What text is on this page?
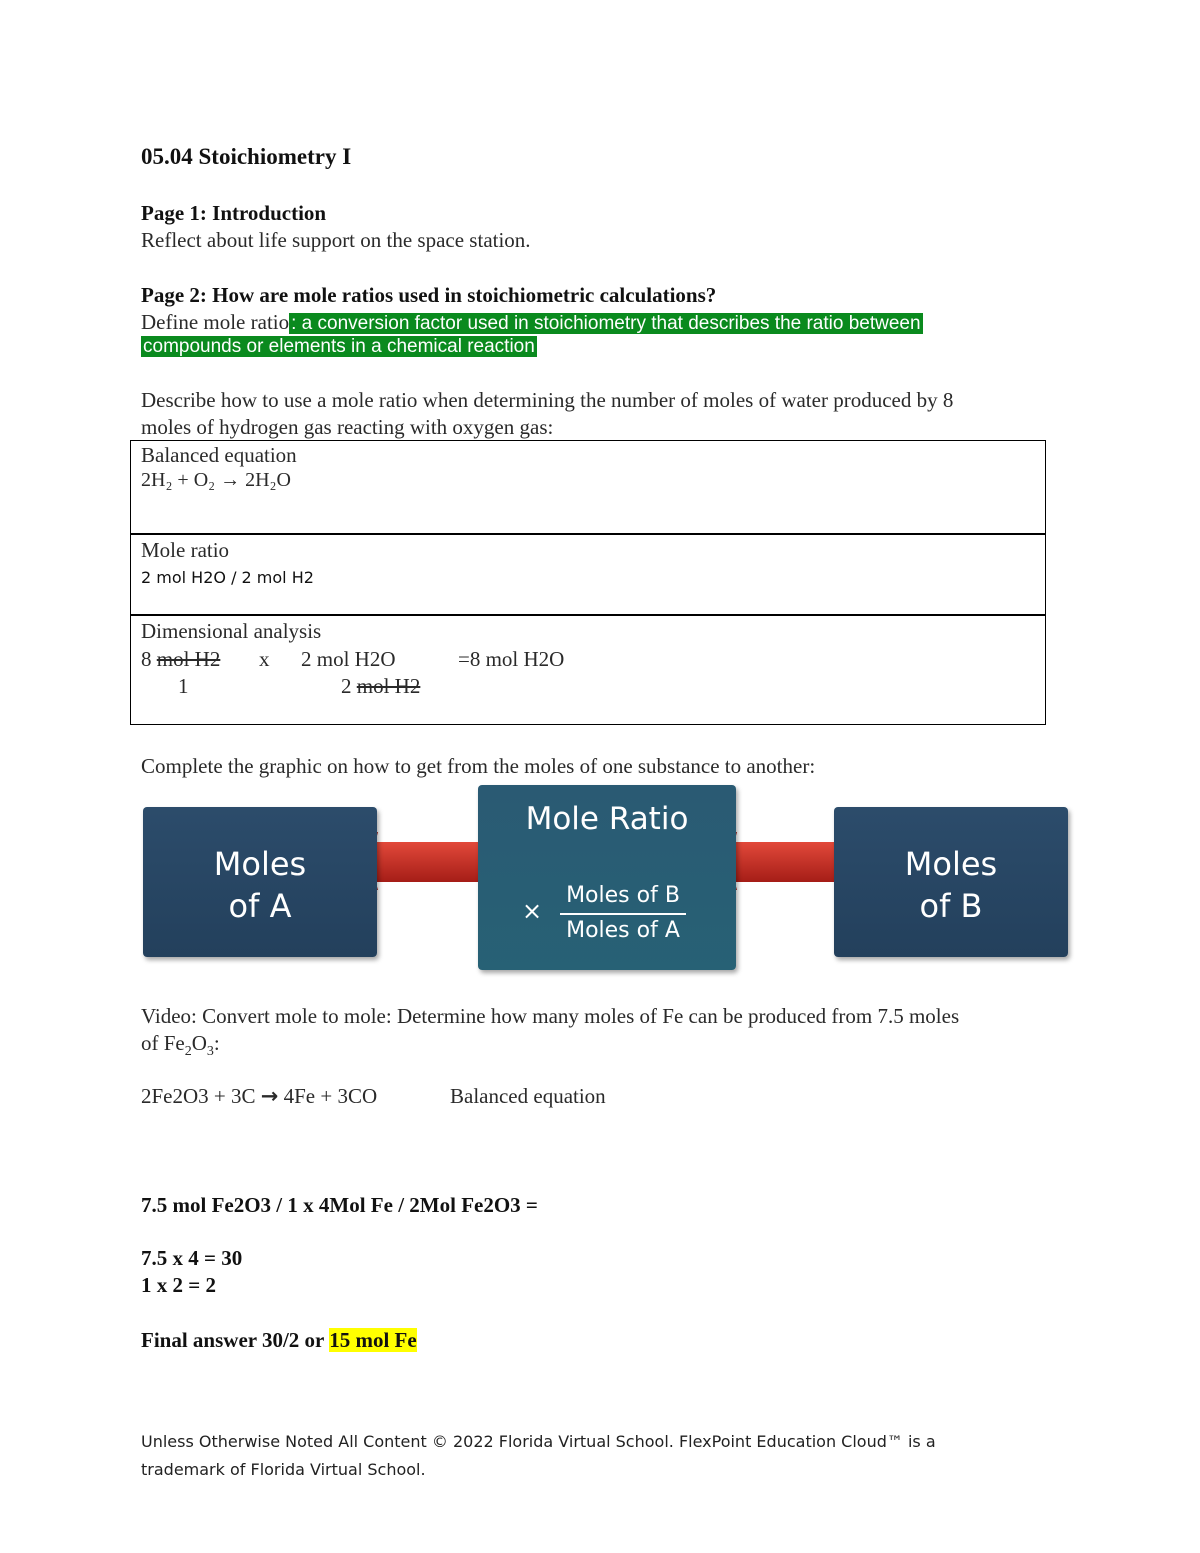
05.04 Stoichiometry I
Page 1: Introduction
Reflect about life support on the space station.
Page 2: How are mole ratios used in stoichiometric calculations?
Define mole ratio : a conversion factor used in stoichiometry that describes the ratio between
compounds or elements in a chemical reaction
Describe how to use a mole ratio when determining the number of moles of water produced by 8
moles of hydrogen gas reacting with oxygen gas:
Balanced equation
2H₂ + O₂ → 2H₂O
Mole ratio
2 mol H2O / 2 mol H2
Dimensional analysis
8 mol H2 x 2 mol H2O	=8 mol H2O
1	2 mol H2
Complete the graphic on how to get from the moles of one substance to another:
Moles
of A
Mole Ratio
×
Moles of B
Moles of A
Moles
of B
Video: Convert mole to mole: Determine how many moles of Fe can be produced from 7.5 moles
of $Fe_2O_3$:
2Fe2O3 + 3C → 4Fe + 3CO	Balanced equation
7.5 mol Fe2O3 / 1 x 4Mol Fe / 2Mol Fe2O3 =
7.5 x 4 = 30
1 x 2 = 2
Final answer 30/2 or 15 mol Fe
Unless Otherwise Noted All Content © 2022 Florida Virtual School. FlexPoint Education Cloud™ is a
trademark of Florida Virtual School.
